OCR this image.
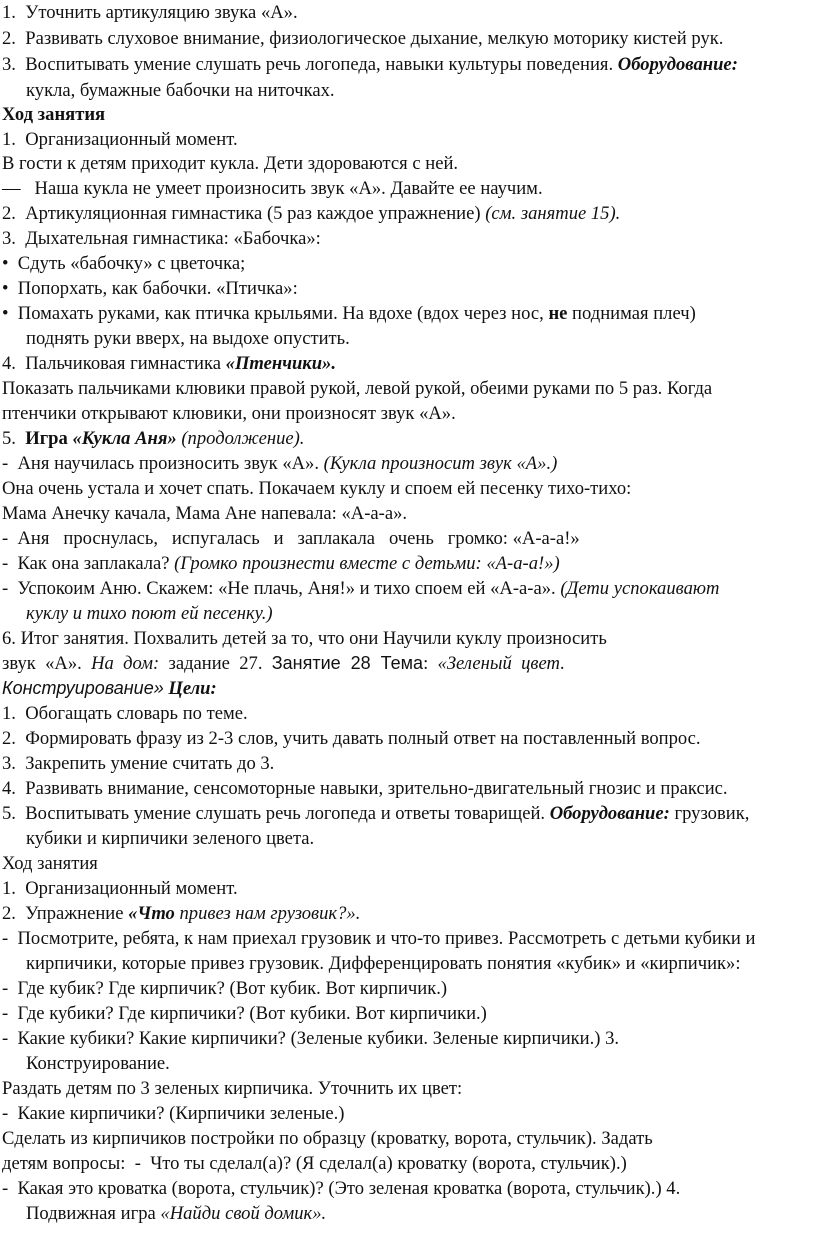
1.  Уточнить артикуляцию звука «А».
2.  Развивать слуховое внимание, физиологическое дыхание, мелкую моторику кистей рук.
3.  Воспитывать умение слушать речь логопеда, навыки культуры поведения. Оборудование:
кукла, бумажные бабочки на ниточках.
Ход занятия
1.  Организационный момент.
В гости к детям приходит кукла. Дети здороваются с ней.
—   Наша кукла не умеет произносить звук «А». Давайте ее научим.
2.  Артикуляционная гимнастика (5 раз каждое упражнение) (см. занятие 15).
3.  Дыхательная гимнастика: «Бабочка»:
•  Сдуть «бабочку» с цветочка;
•  Попорхать, как бабочки. «Птичка»:
•  Помахать руками, как птичка крыльями. На вдохе (вдох через нос, не поднимая плеч)
поднять руки вверх, на выдохе опустить.
4.  Пальчиковая гимнастика «Птенчики».
Показать пальчиками клювики правой рукой, левой рукой, обеими руками по 5 раз. Когда
птенчики открывают клювики, они произносят звук «А».
5.  Игра «Кукла Аня» (продолжение).
-  Аня научилась произносить звук «А». (Кукла произносит звук «А».)
Она очень устала и хочет спать. Покачаем куклу и споем ей песенку тихо-тихо:
Мама Анечку качала, Мама Ане напевала: «А-а-а».
-  Аня   проснулась,   испугалась   и   заплакала   очень   громко: «А-а-а!»
-  Как она заплакала? (Громко произнести вместе с детьми: «А-а-а!»)
-  Успокоим Аню. Скажем: «Не плачь, Аня!» и тихо споем ей «А-а-а». (Дети успокаивают
куклу и тихо поют ей песенку.)
6. Итог занятия. Похвалить детей за то, что они Научили куклу произносить
звук  «А».  На  дом:  задание  27.  Занятие  28  Тема:  «Зеленый  цвет.
Конструирование» Цели:
1.  Обогащать словарь по теме.
2.  Формировать фразу из 2-3 слов, учить давать полный ответ на поставленный вопрос.
3.  Закрепить умение считать до 3.
4.  Развивать внимание, сенсомоторные навыки, зрительно-двигательный гнозис и праксис.
5.  Воспитывать умение слушать речь логопеда и ответы товарищей. Оборудование: грузовик,
кубики и кирпичики зеленого цвета.
Ход занятия
1.  Организационный момент.
2.  Упражнение «Что привез нам грузовик?».
-  Посмотрите, ребята, к нам приехал грузовик и что-то привез. Рассмотреть с детьми кубики и
кирпичики, которые привез грузовик. Дифференцировать понятия «кубик» и «кирпичик»:
-  Где кубик? Где кирпичик? (Вот кубик. Вот кирпичик.)
-  Где кубики? Где кирпичики? (Вот кубики. Вот кирпичики.)
-  Какие кубики? Какие кирпичики? (Зеленые кубики. Зеленые кирпичики.) 3.
Конструирование.
Раздать детям по 3 зеленых кирпичика. Уточнить их цвет:
-  Какие кирпичики? (Кирпичики зеленые.)
Сделать из кирпичиков постройки по образцу (кроватку, ворота, стульчик). Задать
детям вопросы:  -  Что ты сделал(а)? (Я сделал(а) кроватку (ворота, стульчик).)
-  Какая это кроватка (ворота, стульчик)? (Это зеленая кроватка (ворота, стульчик).) 4.
Подвижная игра «Найди свой домик».
